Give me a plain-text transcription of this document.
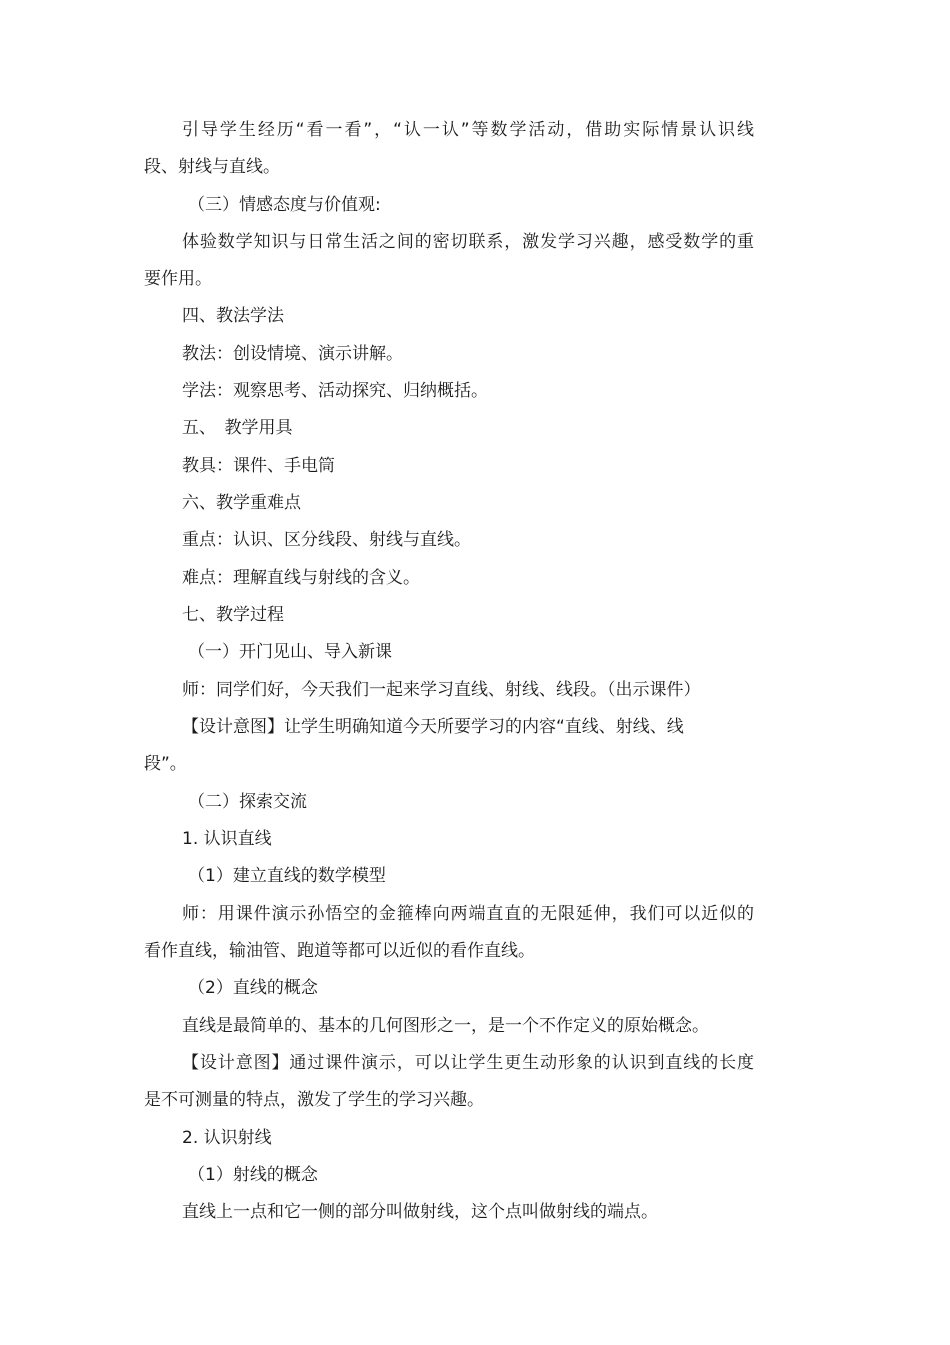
引导学生经历“看一看”，“认一认”等数学活动，借助实际情景认识线
段、射线与直线。
（三）情感态度与价值观:
体验数学知识与日常生活之间的密切联系，激发学习兴趣，感受数学的重
要作用。
四、教法学法
教法：创设情境、演示讲解。
学法：观察思考、活动探究、归纳概括。
五、　教学用具
教具：课件、手电筒
六、教学重难点
重点：认识、区分线段、射线与直线。
难点：理解直线与射线的含义。
七、教学过程
（一）开门见山、导入新课
师：同学们好，今天我们一起来学习直线、射线、线段。（出示课件）
【设计意图】让学生明确知道今天所要学习的内容“直线、射线、线
段”。
（二）探索交流
1. 认识直线
（1）建立直线的数学模型
师：用课件演示孙悟空的金箍棒向两端直直的无限延伸，我们可以近似的
看作直线，输油管、跑道等都可以近似的看作直线。
（2）直线的概念
直线是最简单的、基本的几何图形之一，是一个不作定义的原始概念。
【设计意图】通过课件演示，可以让学生更生动形象的认识到直线的长度
是不可测量的特点，激发了学生的学习兴趣。
2. 认识射线
（1）射线的概念
直线上一点和它一侧的部分叫做射线，这个点叫做射线的端点。
